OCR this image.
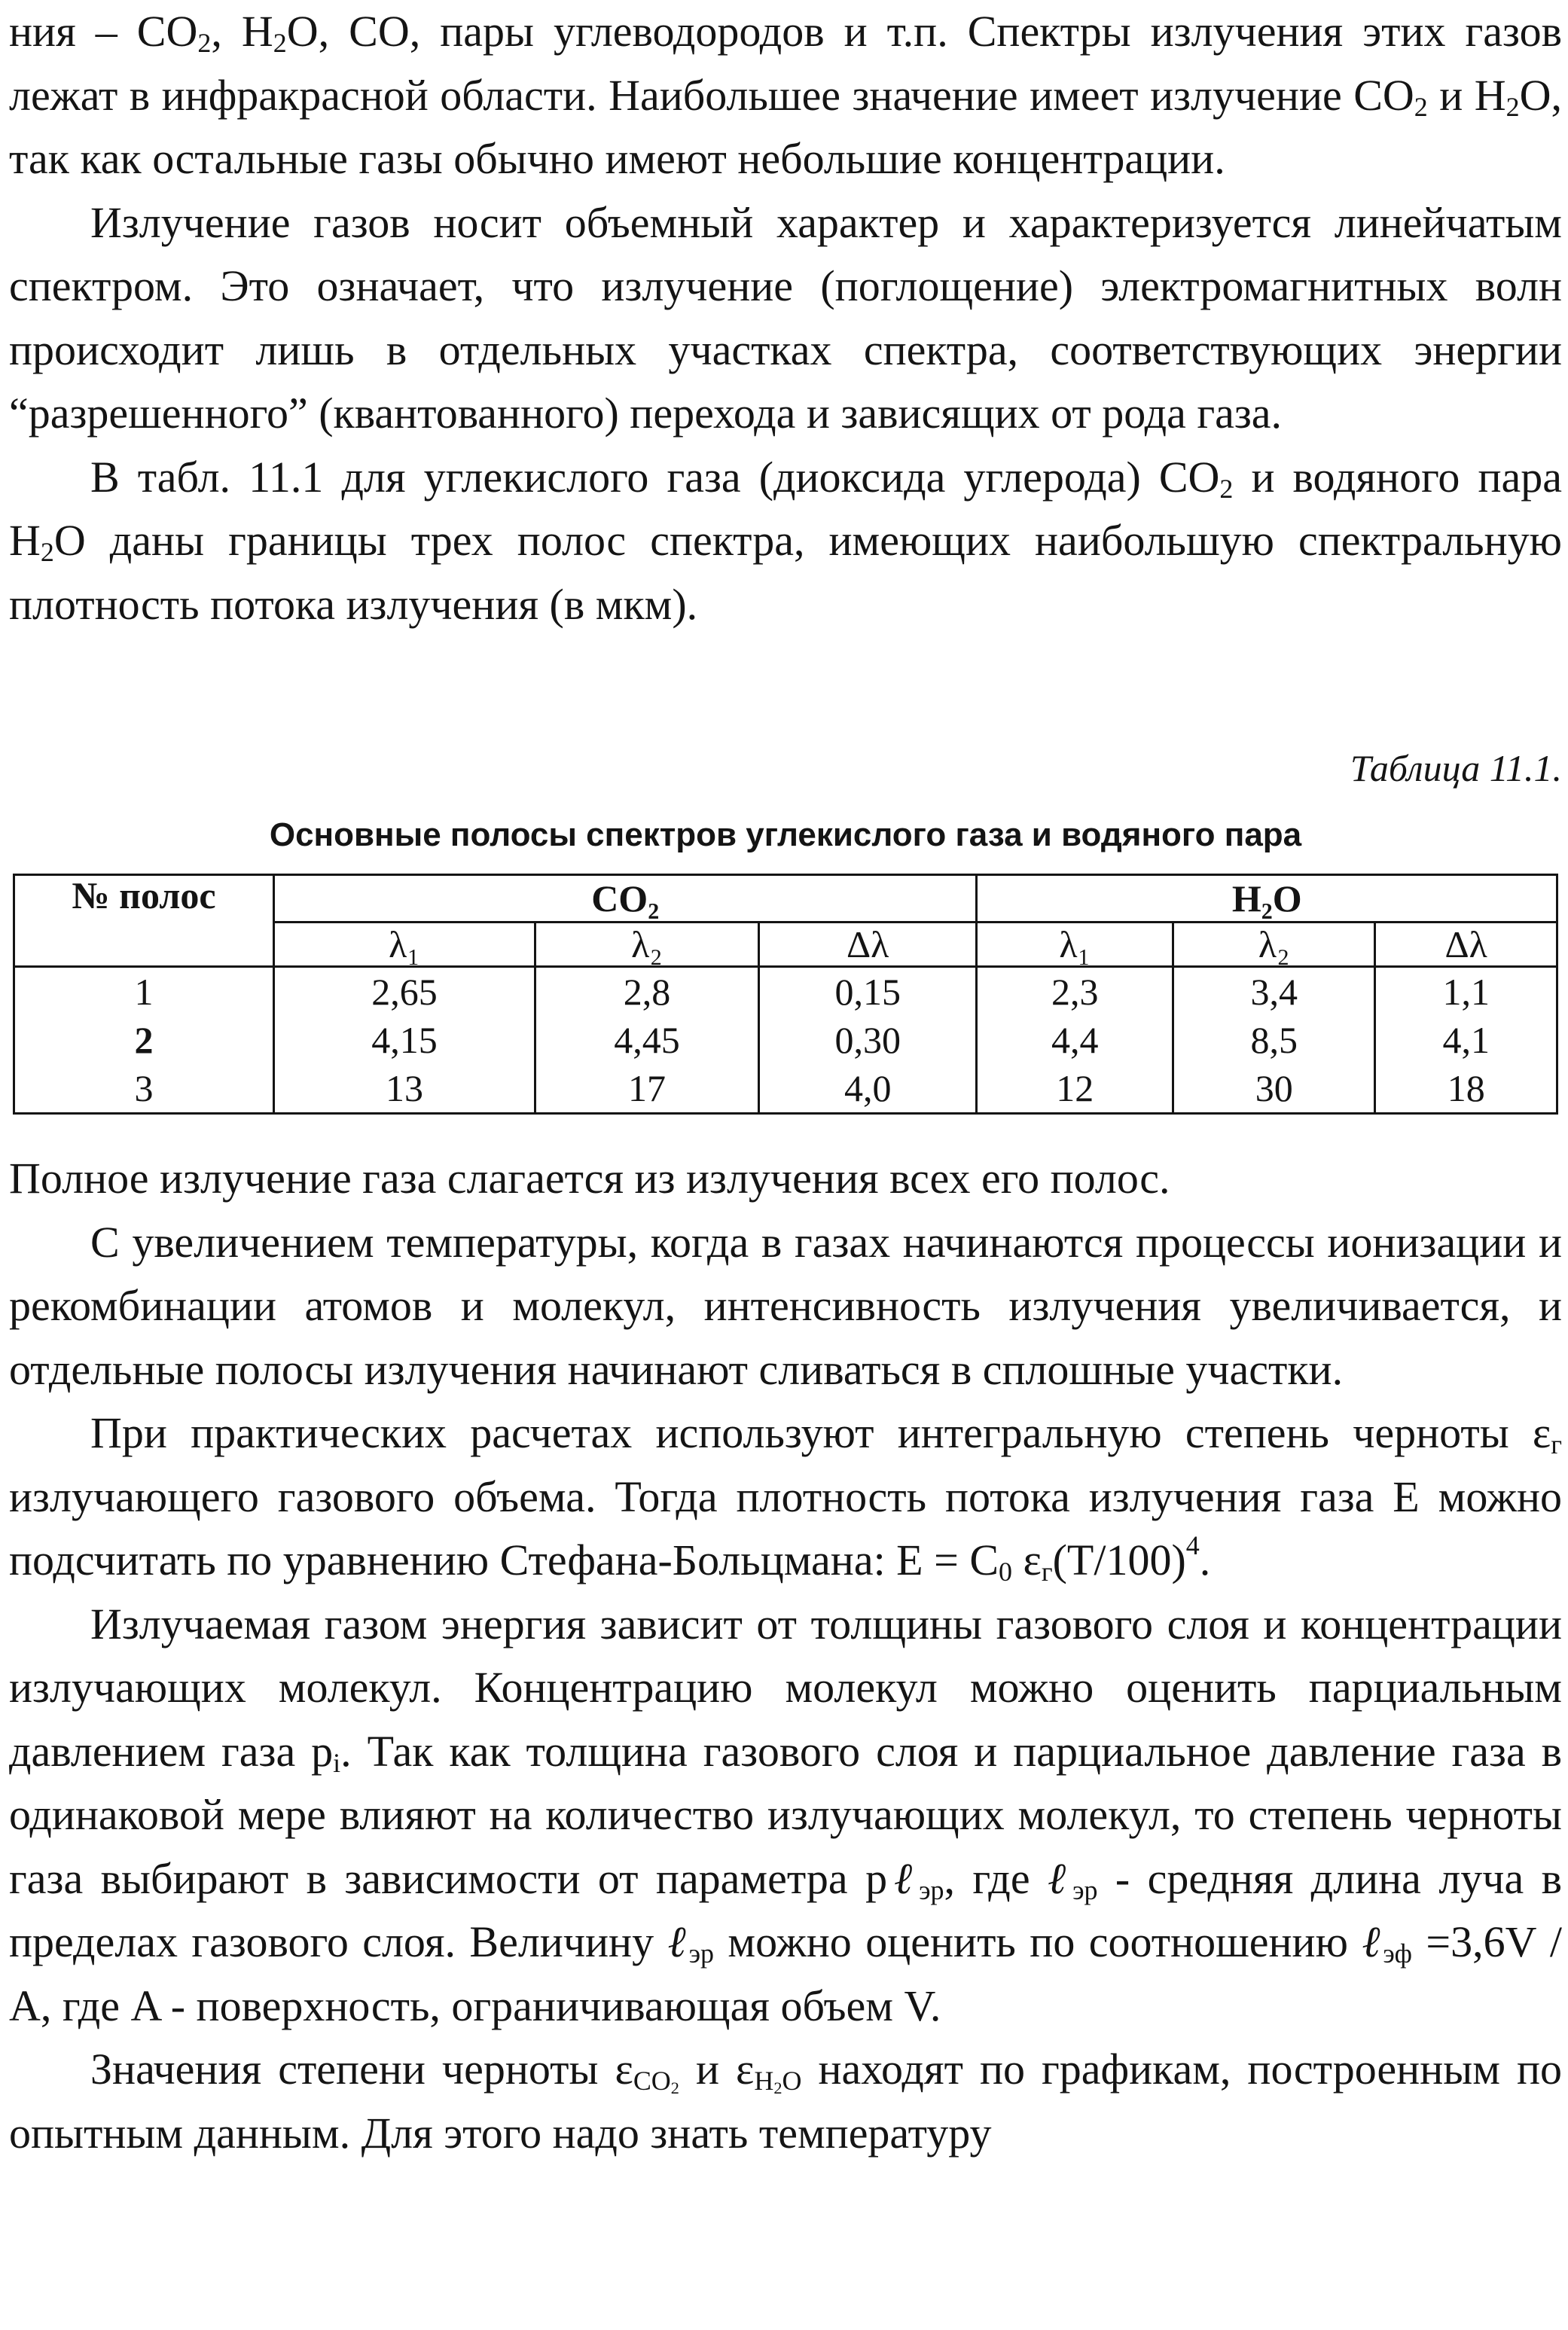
ния – $CO_2$, $H_2O$, CO, пары углеводородов и т.п. Спектры излучения этих газов лежат в инфракрасной области. Наибольшее значение имеет излучение $CO_2$ и $H_2O$, так как остальные газы обычно имеют небольшие концентрации.

Излучение газов носит объемный характер и характеризуется линейчатым спектром. Это означает, что излучение (поглощение) электромагнитных волн происходит лишь в отдельных участках спектра, соответствующих энергии “разрешенного” (квантованного) перехода и зависящих от рода газа.

В табл. 11.1 для углекислого газа (диоксида углерода) $CO_2$ и водяного пара $H_2O$ даны границы трех полос спектра, имеющих наибольшую спектральную плотность потока излучения (в мкм).

Таблица 11.1.
Основные полосы спектров углекислого газа и водяного пара
№ полос	CO₂			H₂O		
	λ₁	λ₂	Δλ	λ₁	λ₂	Δλ
1	2,65	2,8	0,15	2,3	3,4	1,1
2	4,15	4,45	0,30	4,4	8,5	4,1
3	13	17	4,0	12	30	18

Полное излучение газа слагается из излучения всех его полос.

С увеличением температуры, когда в газах начинаются процессы ионизации и рекомбинации атомов и молекул, интенсивность излучения увеличивается, и отдельные полосы излучения начинают сливаться в сплошные участки.

При практических расчетах используют интегральную степень черноты $\varepsilon_г$ излучающего газового объема. Тогда плотность потока излучения газа E можно подсчитать по уравнению Стефана-Больцмана: $E = C_0$ $\varepsilon_г(T/100)^4$.

Излучаемая газом энергия зависит от толщины газового слоя и концентрации излучающих молекул. Концентрацию молекул можно оценить парциальным давлением газа $p_i$. Так как толщина газового слоя и парциальное давление газа в одинаковой мере влияют на количество излучающих молекул, то степень черноты газа выбирают в зависимости от параметра pℓ$_{эр}$, где ℓ$_{эр}$ - средняя длина луча в пределах газового слоя. Величину ℓ$_{эр}$ можно оценить по соотношению ℓ$_{эф}$ =3,6V / A, где A - поверхность, ограничивающая объем V.

Значения степени черноты $\varepsilon_{CO_2}$ и $\varepsilon_{H_2O}$ находят по графикам, построенным по опытным данным. Для этого надо знать температуру
